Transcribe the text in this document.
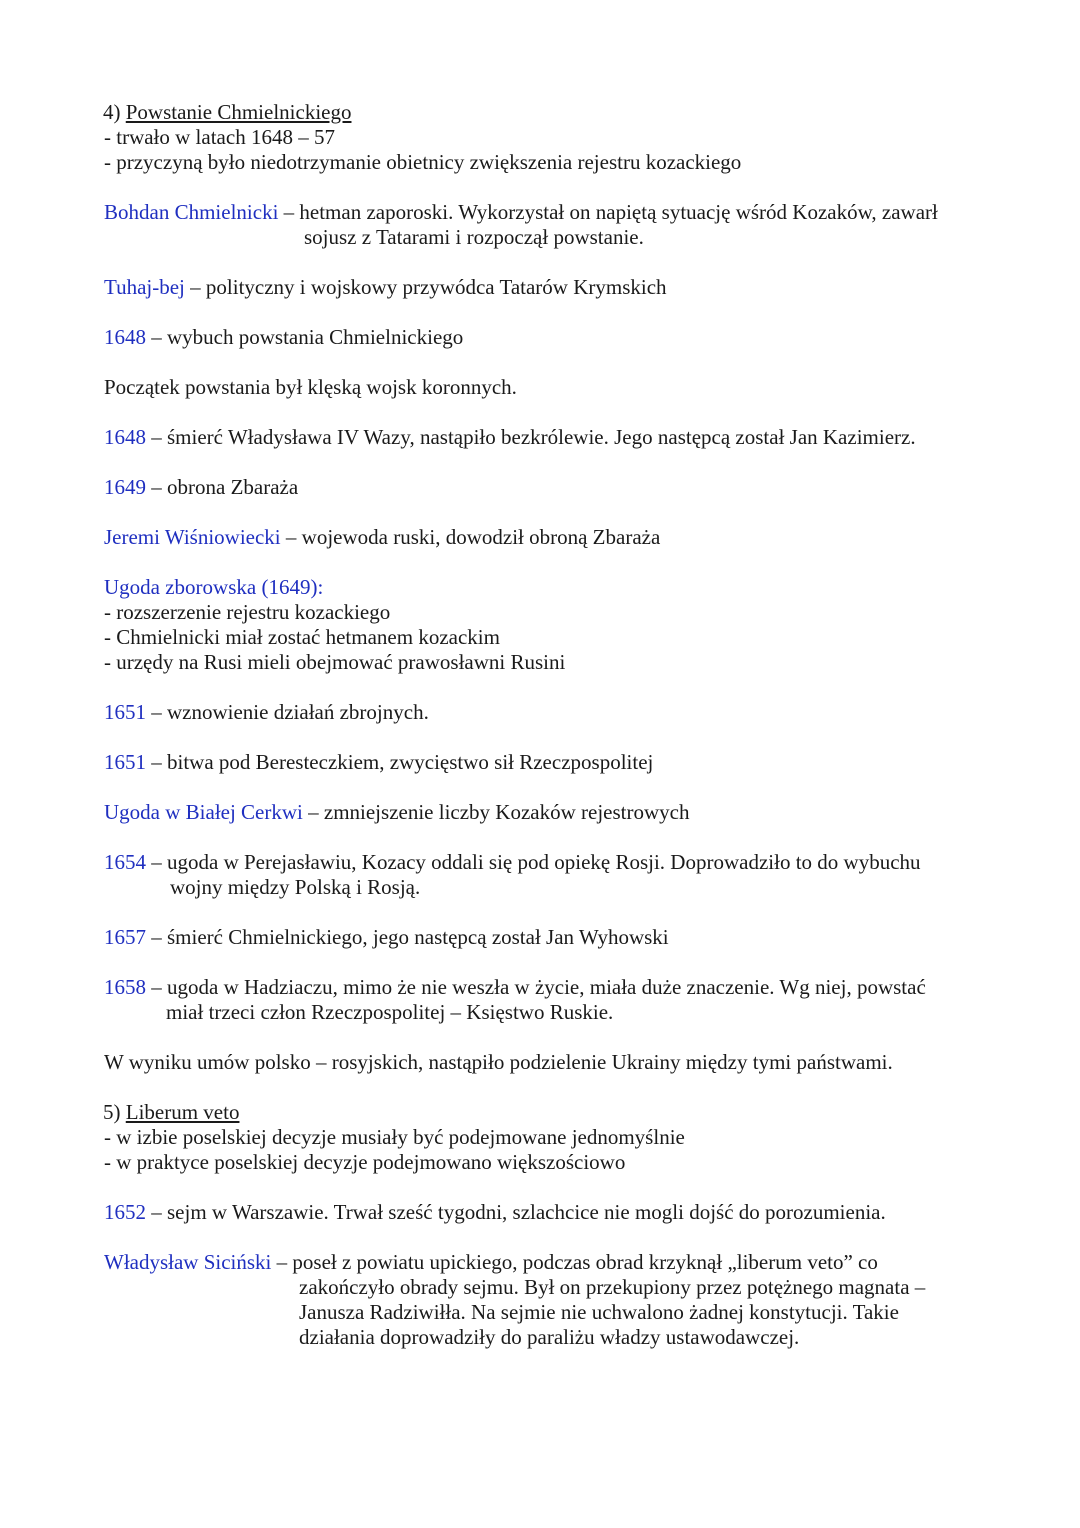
4) Powstanie Chmielnickiego
- trwało w latach 1648 – 57
- przyczyną było niedotrzymanie obietnicy zwiększenia rejestru kozackiego
Bohdan Chmielnicki – hetman zaporoski. Wykorzystał on napiętą sytuację wśród Kozaków, zawarł
sojusz z Tatarami i rozpoczął powstanie.
Tuhaj-bej – polityczny i wojskowy przywódca Tatarów Krymskich
1648 – wybuch powstania Chmielnickiego
Początek powstania był klęską wojsk koronnych.
1648 – śmierć Władysława IV Wazy, nastąpiło bezkrólewie. Jego następcą został Jan Kazimierz.
1649 – obrona Zbaraża
Jeremi Wiśniowiecki – wojewoda ruski, dowodził obroną Zbaraża
Ugoda zborowska (1649):
- rozszerzenie rejestru kozackiego
- Chmielnicki miał zostać hetmanem kozackim
- urzędy na Rusi mieli obejmować prawosławni Rusini
1651 – wznowienie działań zbrojnych.
1651 – bitwa pod Beresteczkiem, zwycięstwo sił Rzeczpospolitej
Ugoda w Białej Cerkwi – zmniejszenie liczby Kozaków rejestrowych
1654 – ugoda w Perejasławiu, Kozacy oddali się pod opiekę Rosji. Doprowadziło to do wybuchu
wojny między Polską i Rosją.
1657 – śmierć Chmielnickiego, jego następcą został Jan Wyhowski
1658 – ugoda w Hadziaczu, mimo że nie weszła w życie, miała duże znaczenie. Wg niej, powstać
miał trzeci człon Rzeczpospolitej – Księstwo Ruskie.
W wyniku umów polsko – rosyjskich, nastąpiło podzielenie Ukrainy między tymi państwami.
5) Liberum veto
- w izbie poselskiej decyzje musiały być podejmowane jednomyślnie
- w praktyce poselskiej decyzje podejmowano większościowo
1652 – sejm w Warszawie. Trwał sześć tygodni, szlachcice nie mogli dojść do porozumienia.
Władysław Siciński – poseł z powiatu upickiego, podczas obrad krzyknął „liberum veto” co
zakończyło obrady sejmu. Był on przekupiony przez potężnego magnata –
Janusza Radziwiłła. Na sejmie nie uchwalono żadnej konstytucji. Takie
działania doprowadziły do paraliżu władzy ustawodawczej.
